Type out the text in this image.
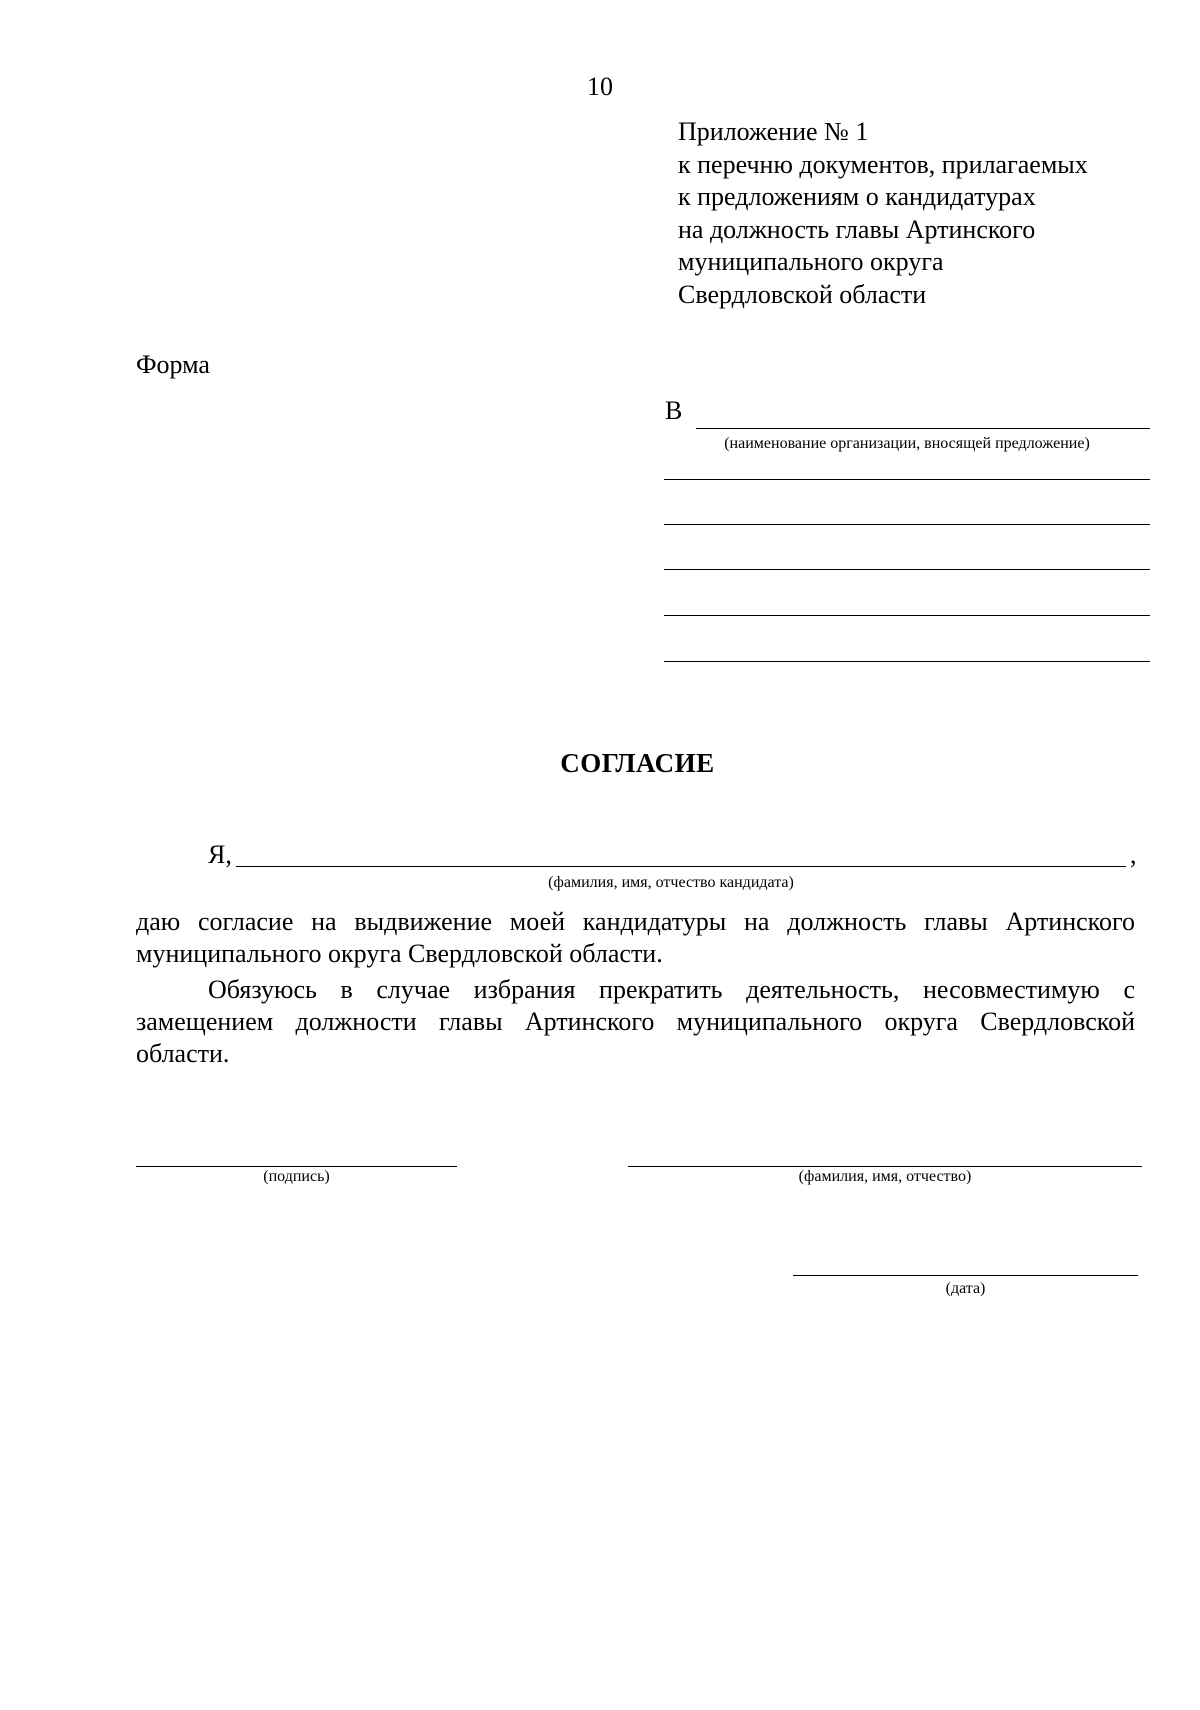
10
Приложение № 1
к перечню документов, прилагаемых
к предложениям о кандидатурах
на должность главы Артинского
муниципального округа
Свердловской области
Форма
В
(наименование организации, вносящей предложение)
СОГЛАСИЕ
Я,	,
(фамилия, имя, отчество кандидата)
даю согласие на выдвижение моей кандидатуры на должность главы Артинского муниципального округа Свердловской области.
Обязуюсь в случае избрания прекратить деятельность, несовместимую с замещением должности главы Артинского муниципального округа Свердловской области.
(подпись)	(фамилия, имя, отчество)
(дата)
